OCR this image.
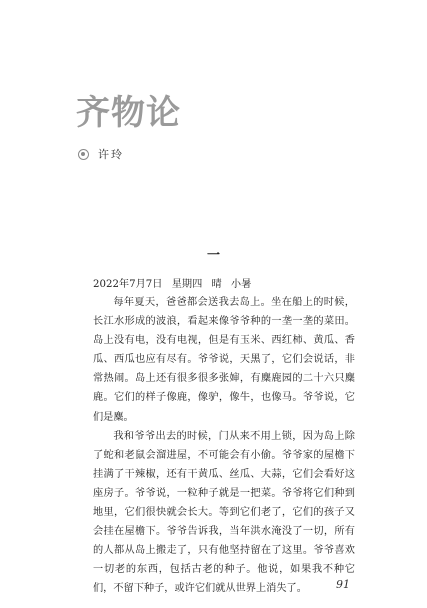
齐物论
许玲
一
2022年7月7日 星期四 晴 小暑

每年夏天，爸爸都会送我去岛上。坐在船上的时候，长江水形成的波浪，看起来像爷爷种的一垄一垄的菜田。岛上没有电，没有电视，但是有玉米、西红柿、黄瓜、香瓜、西瓜也应有尽有。爷爷说，天黑了，它们会说话，非常热闹。岛上还有很多很多张婶，有麋鹿园的二十六只麋鹿。它们的样子像鹿，像驴，像牛，也像马。爷爷说，它们是麋。

我和爷爷出去的时候，门从来不用上锁，因为岛上除了蛇和老鼠会溜进屋，不可能会有小偷。爷爷家的屋檐下挂满了干辣椒，还有干黄瓜、丝瓜、大蒜，它们会看好这座房子。爷爷说，一粒种子就是一把菜。爷爷将它们种到地里，它们很快就会长大。等到它们老了，它们的孩子又会挂在屋檐下。爷爷告诉我，当年洪水淹没了一切，所有的人都从岛上搬走了，只有他坚持留在了这里。爷爷喜欢一切老的东西，包括古老的种子。他说，如果我不种它们，不留下种子，或许它们就从世界上消失了。	91
